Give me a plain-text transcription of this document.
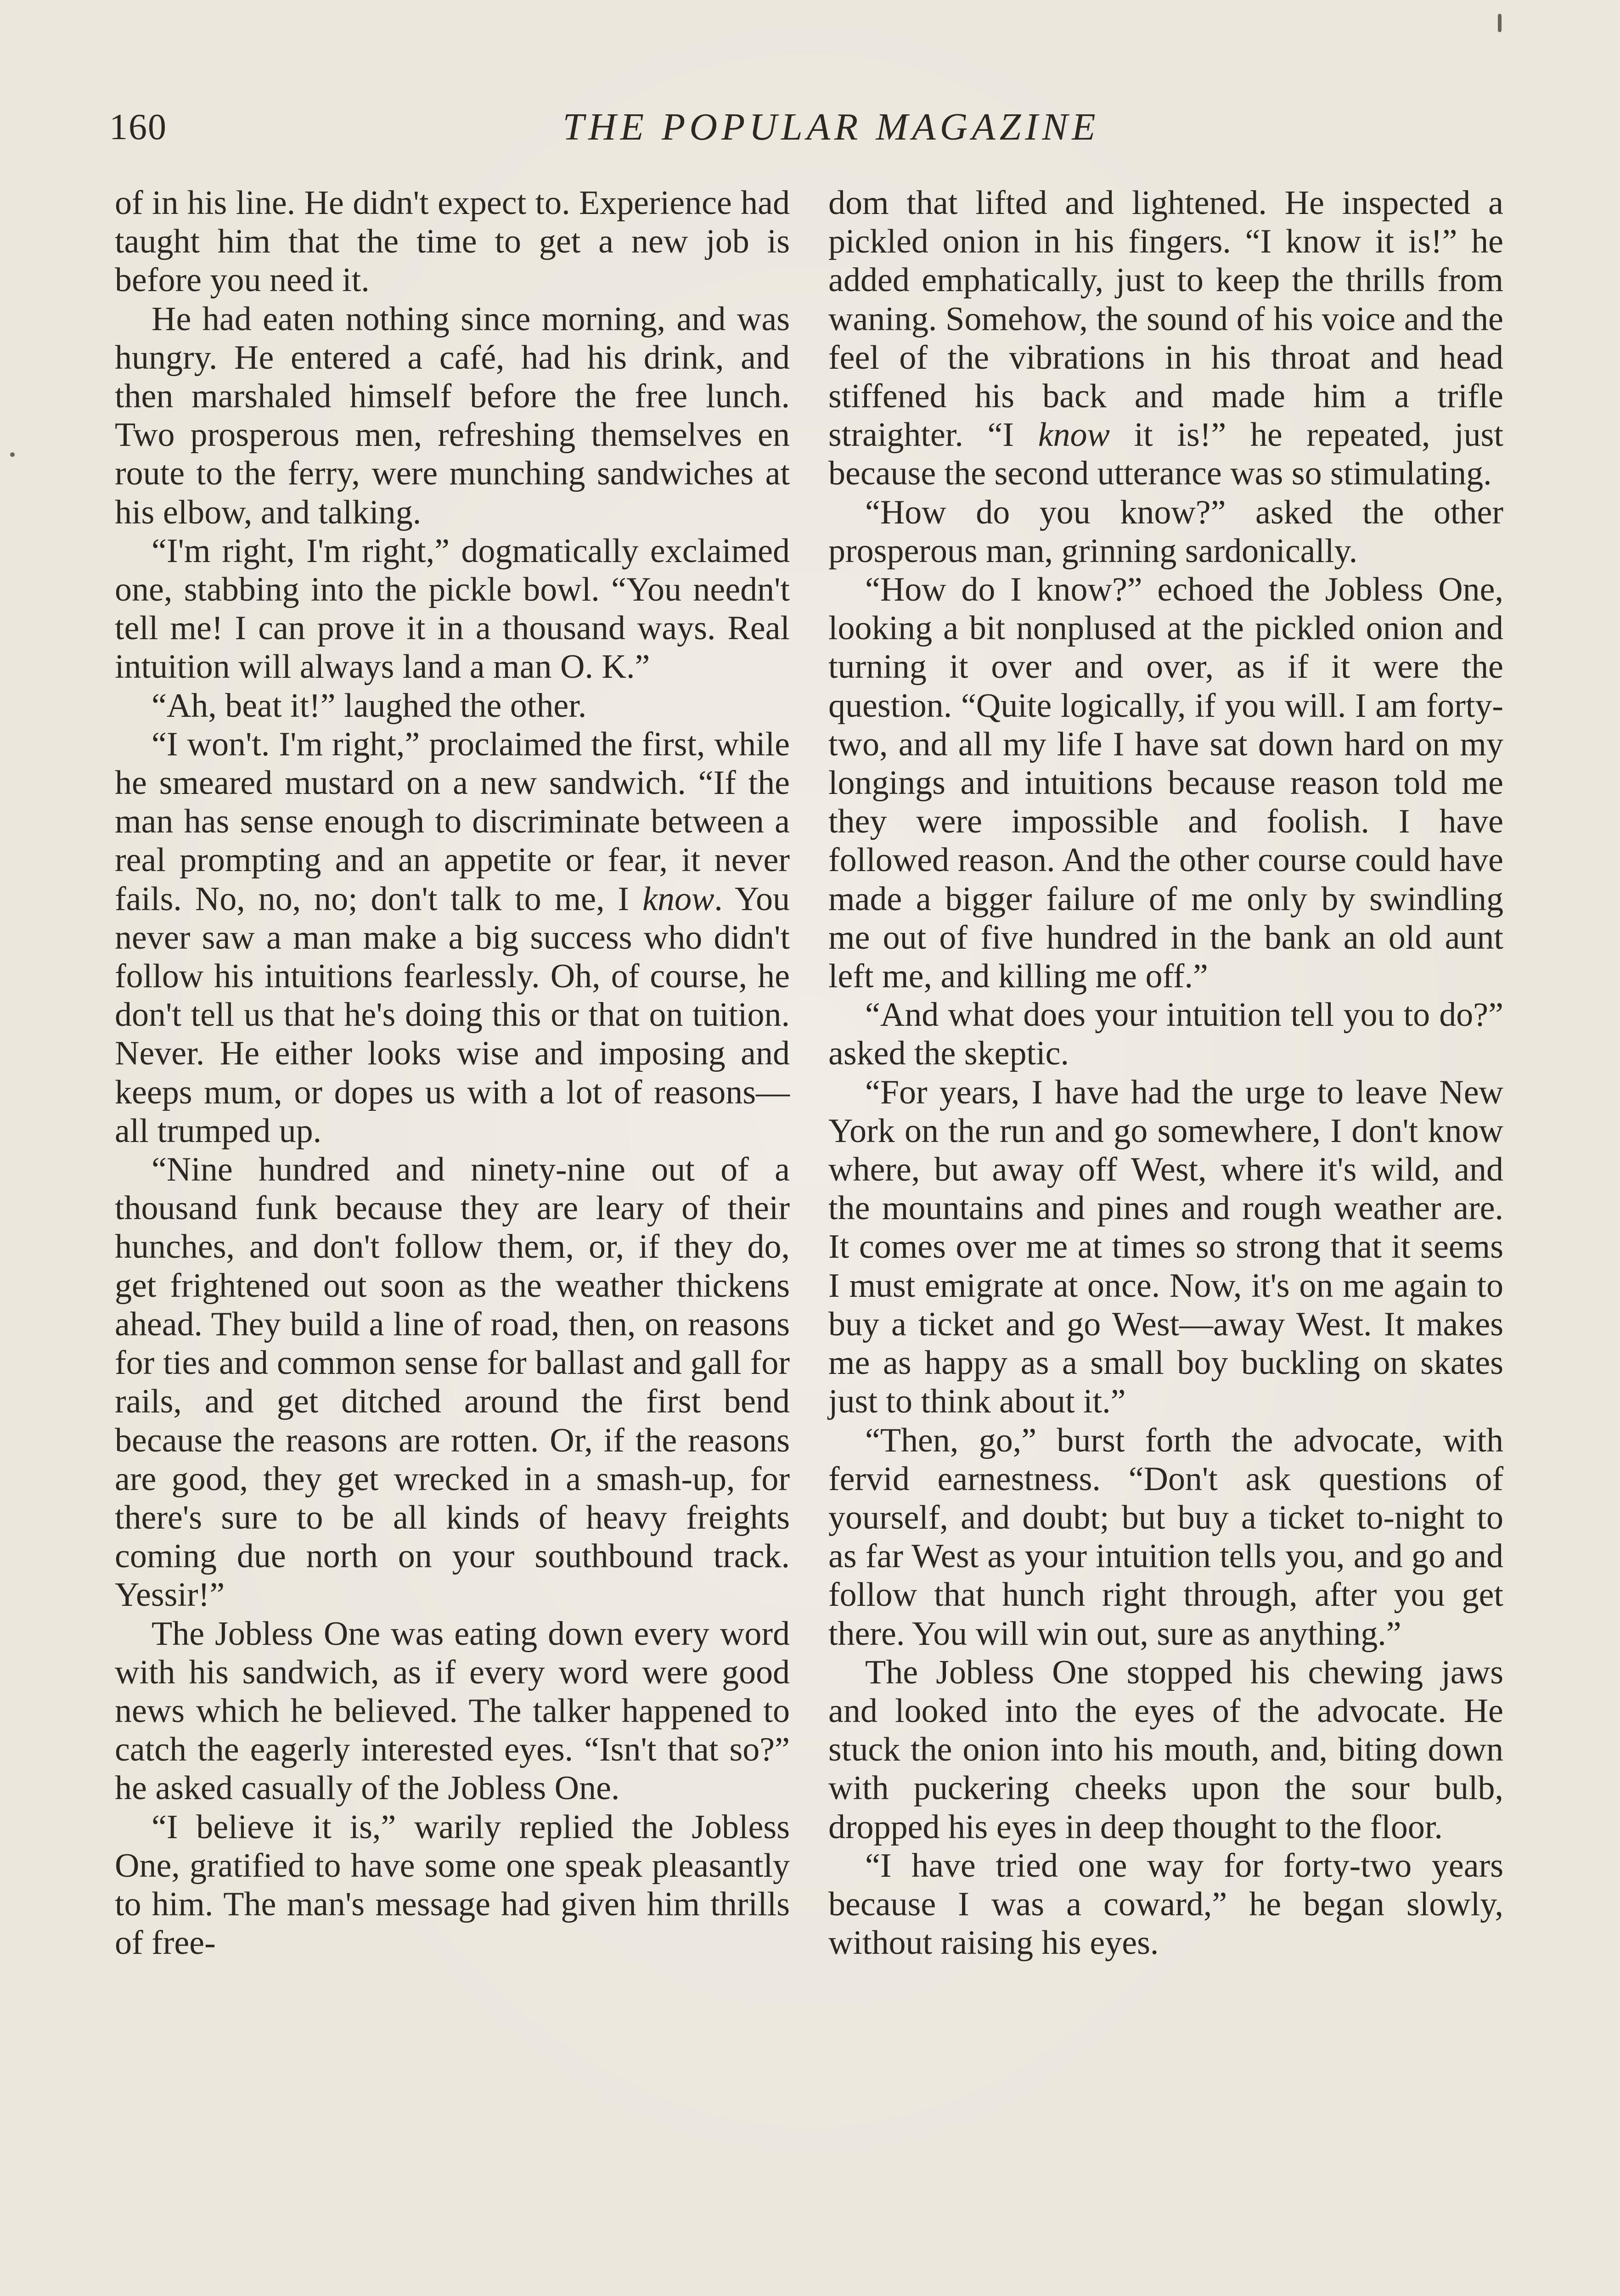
160	THE POPULAR MAGAZINE

of in his line. He didn't expect to. Experience had taught him that the time to get a new job is before you need it.

He had eaten nothing since morning, and was hungry. He entered a café, had his drink, and then marshaled himself before the free lunch. Two prosperous men, refreshing themselves en route to the ferry, were munching sandwiches at his elbow, and talking.

“I'm right, I'm right,” dogmatically exclaimed one, stabbing into the pickle bowl. “You needn't tell me! I can prove it in a thousand ways. Real intuition will always land a man O. K.”

“Ah, beat it!” laughed the other.

“I won't. I'm right,” proclaimed the first, while he smeared mustard on a new sandwich. “If the man has sense enough to discriminate between a real prompting and an appetite or fear, it never fails. No, no, no; don't talk to me, I know. You never saw a man make a big success who didn't follow his intuitions fearlessly. Oh, of course, he don't tell us that he's doing this or that on tuition. Never. He either looks wise and imposing and keeps mum, or dopes us with a lot of reasons—all trumped up.

“Nine hundred and ninety-nine out of a thousand funk because they are leary of their hunches, and don't follow them, or, if they do, get frightened out soon as the weather thickens ahead. They build a line of road, then, on reasons for ties and common sense for ballast and gall for rails, and get ditched around the first bend because the reasons are rotten. Or, if the reasons are good, they get wrecked in a smash-up, for there's sure to be all kinds of heavy freights coming due north on your southbound track. Yessir!”

The Jobless One was eating down every word with his sandwich, as if every word were good news which he believed. The talker happened to catch the eagerly interested eyes. “Isn't that so?” he asked casually of the Jobless One.

“I believe it is,” warily replied the Jobless One, gratified to have some one speak pleasantly to him. The man's message had given him thrills of free-

dom that lifted and lightened. He inspected a pickled onion in his fingers. “I know it is!” he added emphatically, just to keep the thrills from waning. Somehow, the sound of his voice and the feel of the vibrations in his throat and head stiffened his back and made him a trifle straighter. “I know it is!” he repeated, just because the second utterance was so stimulating.

“How do you know?” asked the other prosperous man, grinning sardonically.

“How do I know?” echoed the Jobless One, looking a bit nonplused at the pickled onion and turning it over and over, as if it were the question. “Quite logically, if you will. I am forty-two, and all my life I have sat down hard on my longings and intuitions because reason told me they were impossible and foolish. I have followed reason. And the other course could have made a bigger failure of me only by swindling me out of five hundred in the bank an old aunt left me, and killing me off.”

“And what does your intuition tell you to do?” asked the skeptic.

“For years, I have had the urge to leave New York on the run and go somewhere, I don't know where, but away off West, where it's wild, and the mountains and pines and rough weather are. It comes over me at times so strong that it seems I must emigrate at once. Now, it's on me again to buy a ticket and go West—away West. It makes me as happy as a small boy buckling on skates just to think about it.”

“Then, go,” burst forth the advocate, with fervid earnestness. “Don't ask questions of yourself, and doubt; but buy a ticket to-night to as far West as your intuition tells you, and go and follow that hunch right through, after you get there. You will win out, sure as anything.”

The Jobless One stopped his chewing jaws and looked into the eyes of the advocate. He stuck the onion into his mouth, and, biting down with puckering cheeks upon the sour bulb, dropped his eyes in deep thought to the floor.

“I have tried one way for forty-two years because I was a coward,” he began slowly, without raising his eyes.
